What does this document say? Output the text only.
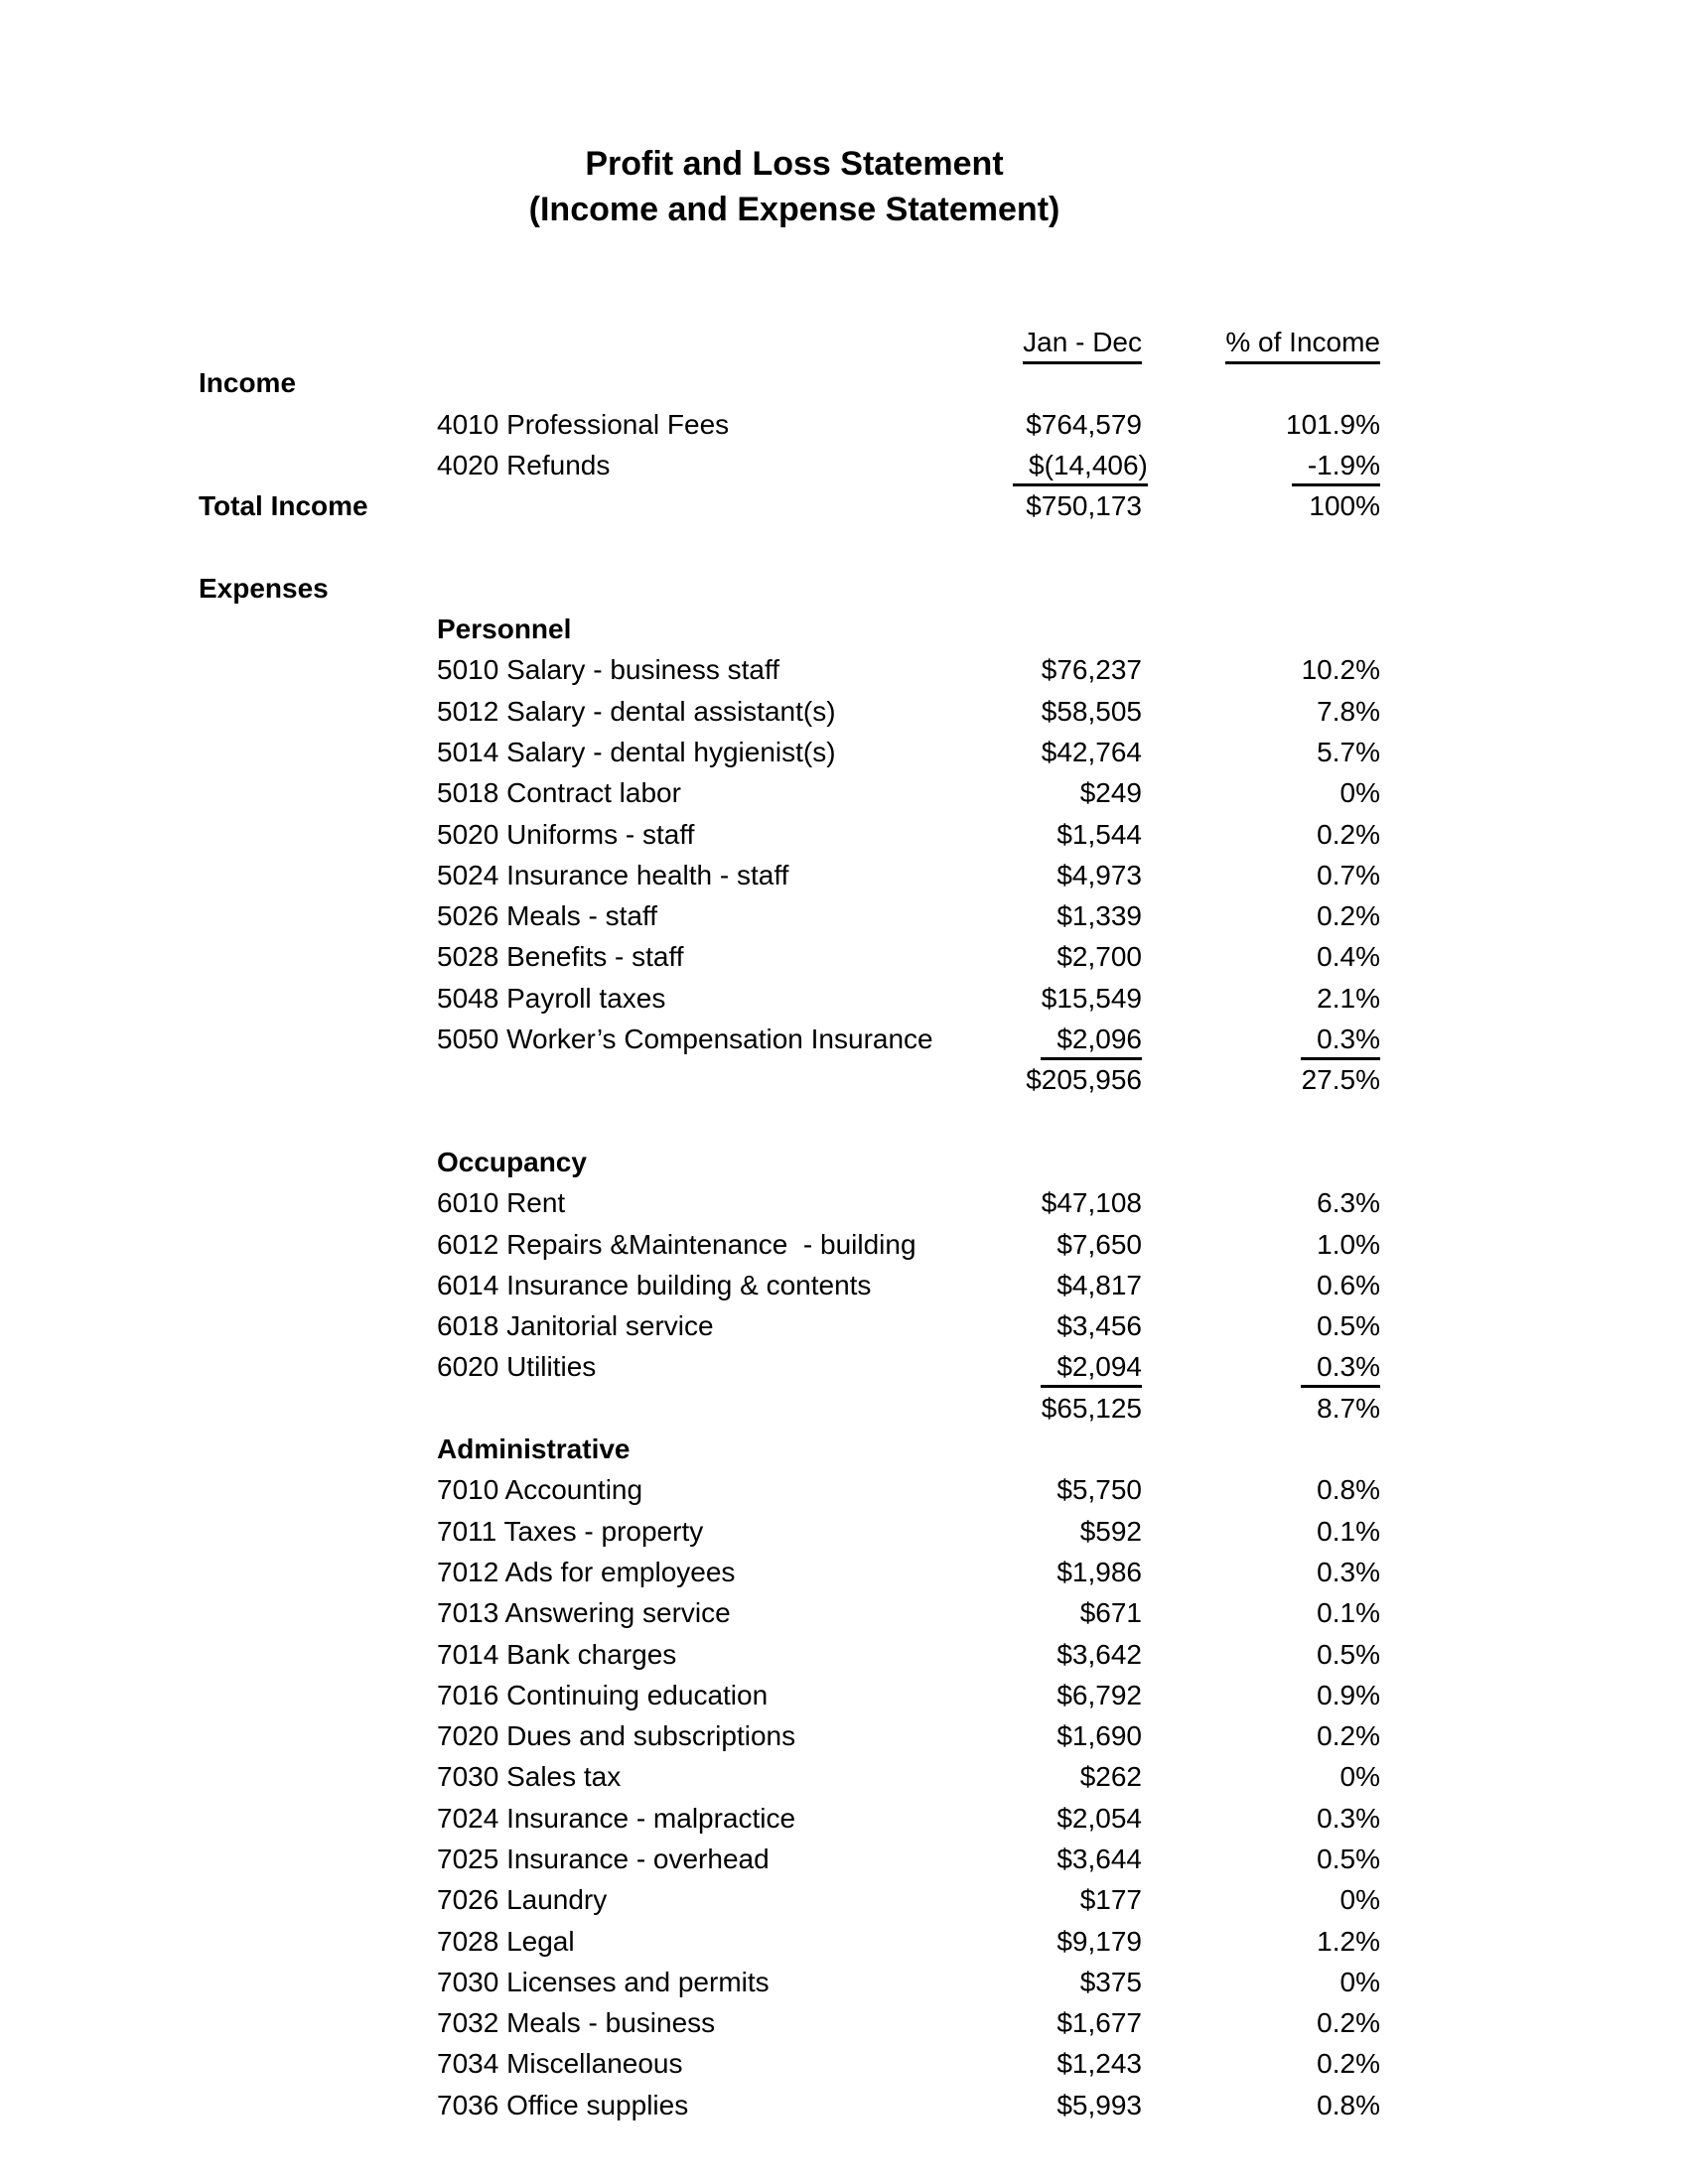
Profit and Loss Statement
(Income and Expense Statement)
Jan - Dec	% of Income
Income
4010 Professional Fees	$764,579	101.9%
4020 Refunds	$(14,406)	-1.9%
Total Income	$750,173	100%
Expenses
Personnel
5010 Salary - business staff	$76,237	10.2%
5012 Salary - dental assistant(s)	$58,505	7.8%
5014 Salary - dental hygienist(s)	$42,764	5.7%
5018 Contract labor	$249	0%
5020 Uniforms - staff	$1,544	0.2%
5024 Insurance health - staff	$4,973	0.7%
5026 Meals - staff	$1,339	0.2%
5028 Benefits - staff	$2,700	0.4%
5048 Payroll taxes	$15,549	2.1%
5050 Worker’s Compensation Insurance	$2,096	0.3%
$205,956	27.5%
Occupancy
6010 Rent	$47,108	6.3%
6012 Repairs &Maintenance  - building	$7,650	1.0%
6014 Insurance building & contents	$4,817	0.6%
6018 Janitorial service	$3,456	0.5%
6020 Utilities	$2,094	0.3%
$65,125	8.7%
Administrative
7010 Accounting	$5,750	0.8%
7011 Taxes - property	$592	0.1%
7012 Ads for employees	$1,986	0.3%
7013 Answering service	$671	0.1%
7014 Bank charges	$3,642	0.5%
7016 Continuing education	$6,792	0.9%
7020 Dues and subscriptions	$1,690	0.2%
7030 Sales tax	$262	0%
7024 Insurance - malpractice	$2,054	0.3%
7025 Insurance - overhead	$3,644	0.5%
7026 Laundry	$177	0%
7028 Legal	$9,179	1.2%
7030 Licenses and permits	$375	0%
7032 Meals - business	$1,677	0.2%
7034 Miscellaneous	$1,243	0.2%
7036 Office supplies	$5,993	0.8%
